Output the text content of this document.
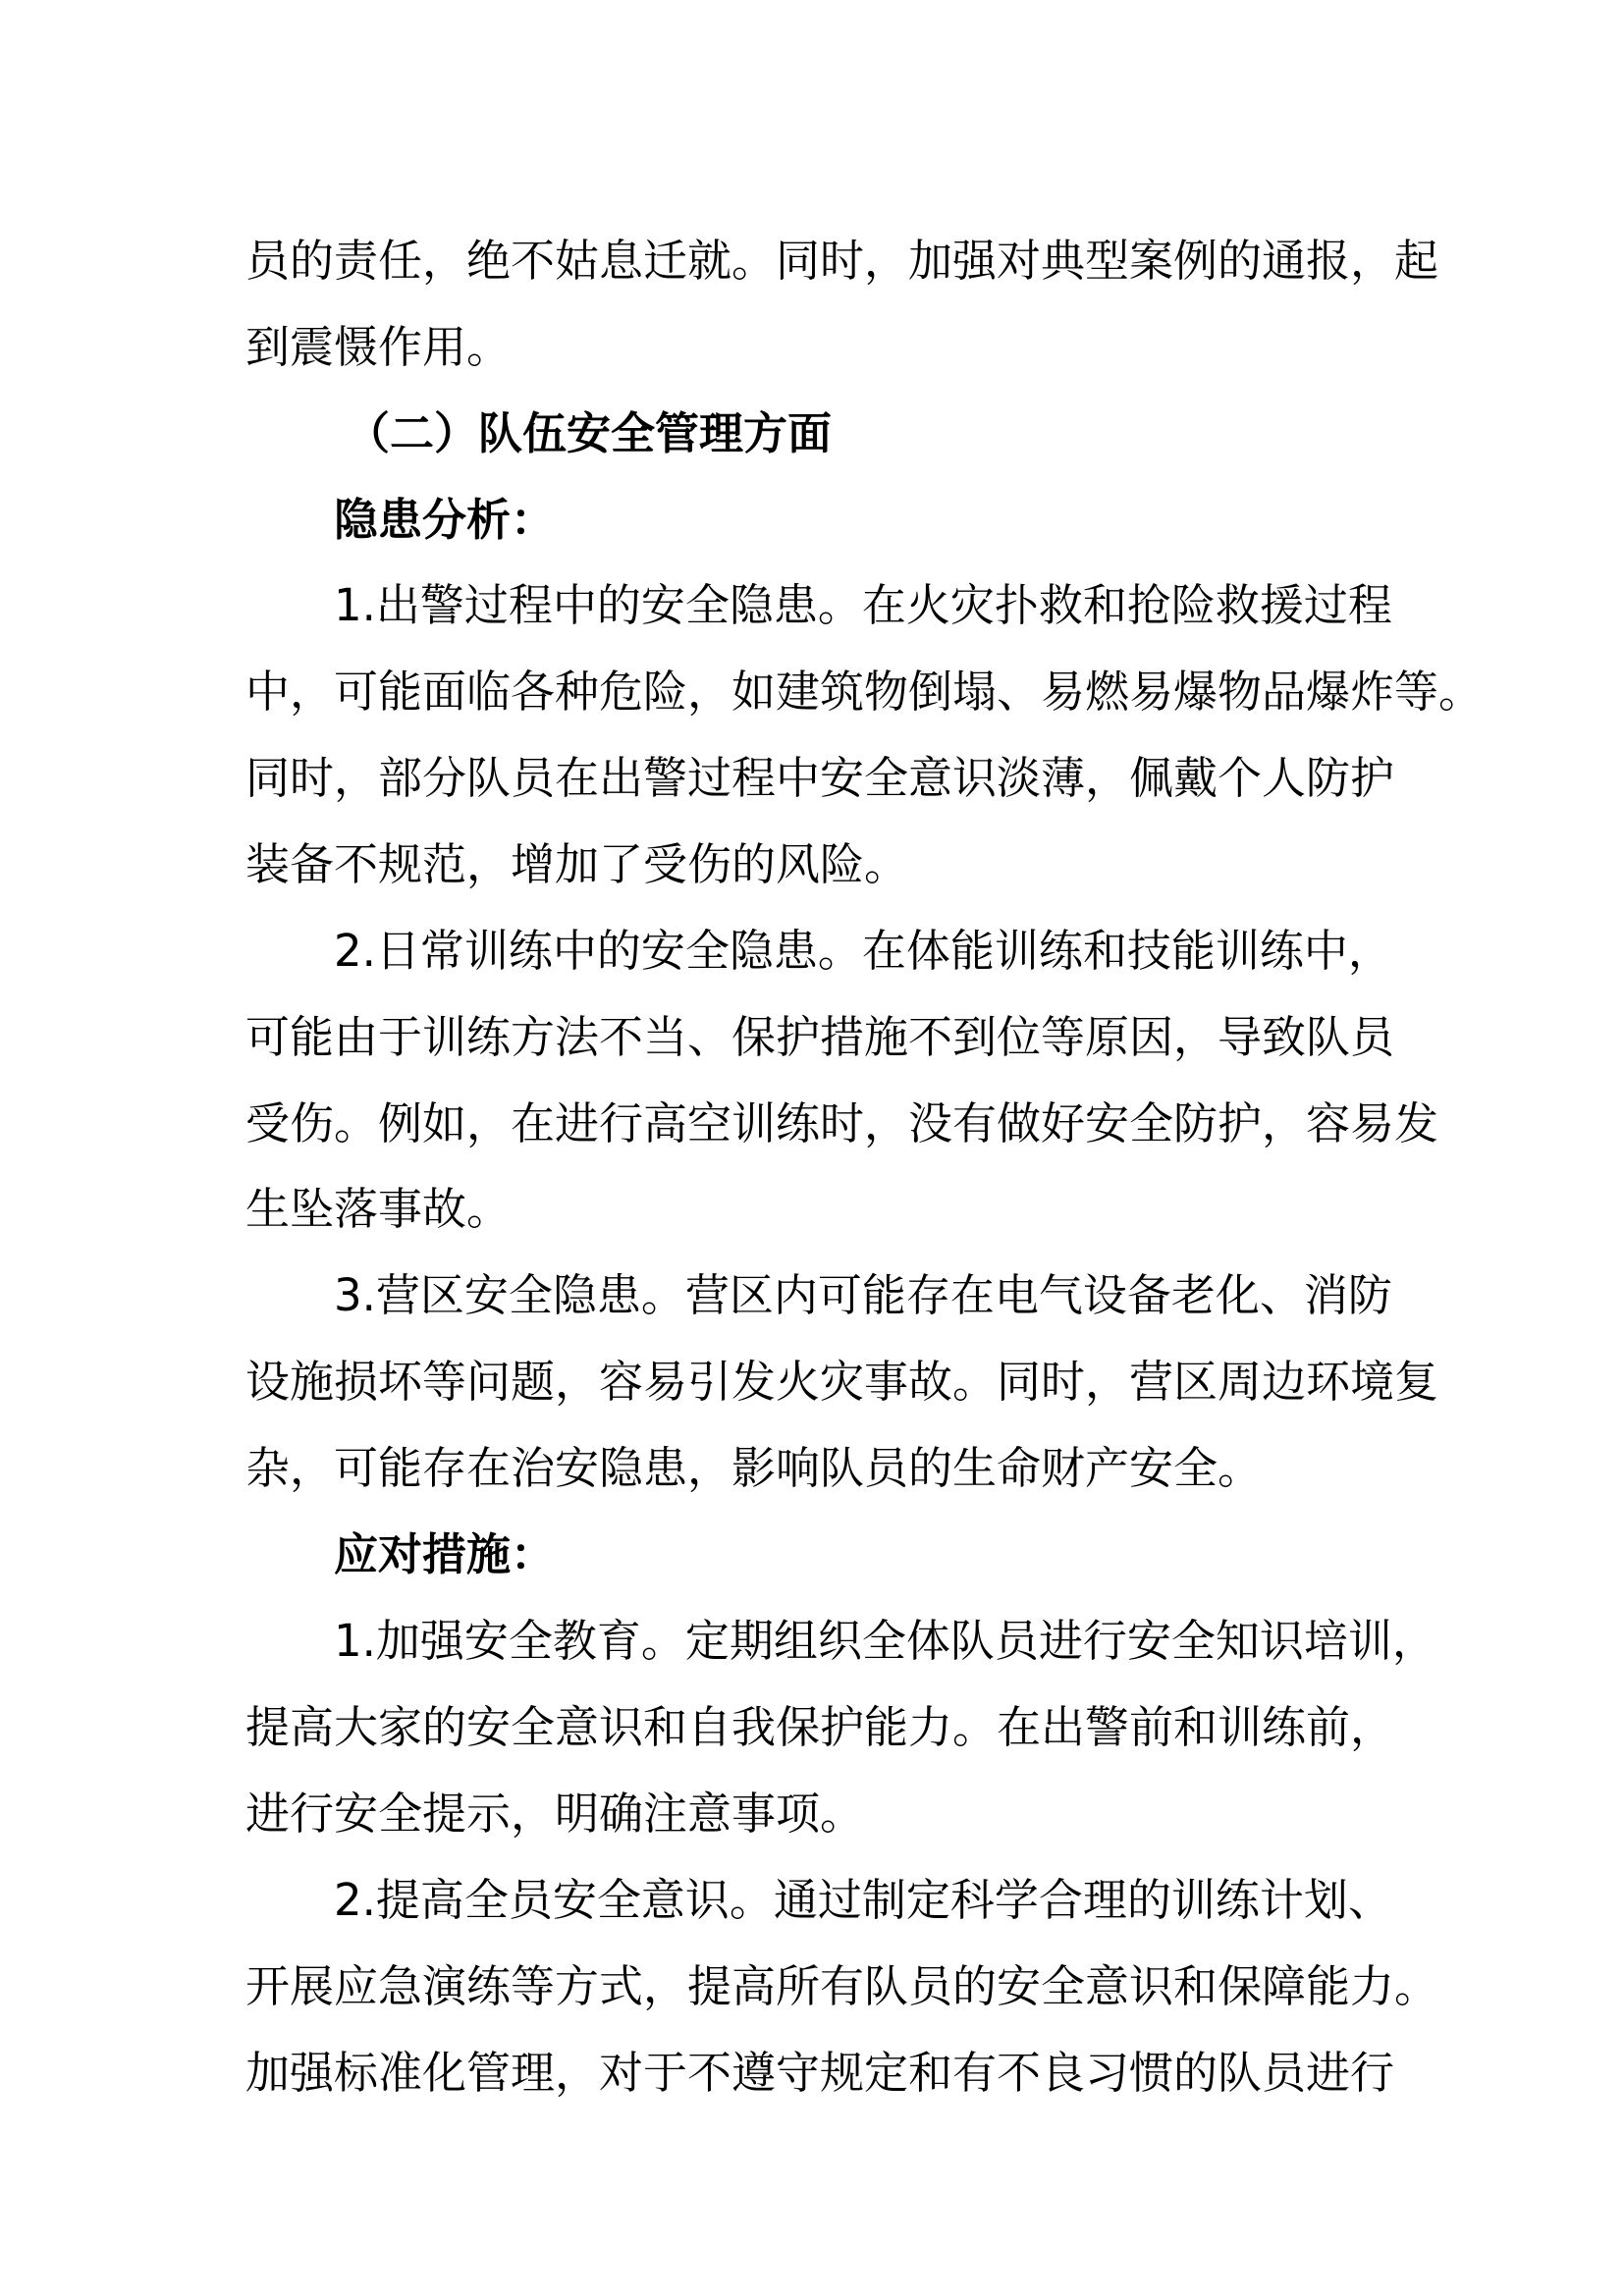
员的责任，绝不姑息迁就。同时，加强对典型案例的通报，起
到震慑作用。
（二）队伍安全管理方面
隐患分析：
1.出警过程中的安全隐患。在火灾扑救和抢险救援过程
中，可能面临各种危险，如建筑物倒塌、易燃易爆物品爆炸等。
同时，部分队员在出警过程中安全意识淡薄，佩戴个人防护
装备不规范，增加了受伤的风险。
2.日常训练中的安全隐患。在体能训练和技能训练中，
可能由于训练方法不当、保护措施不到位等原因，导致队员
受伤。例如，在进行高空训练时，没有做好安全防护，容易发
生坠落事故。
3.营区安全隐患。营区内可能存在电气设备老化、消防
设施损坏等问题，容易引发火灾事故。同时，营区周边环境复
杂，可能存在治安隐患，影响队员的生命财产安全。
应对措施：
1.加强安全教育。定期组织全体队员进行安全知识培训，
提高大家的安全意识和自我保护能力。在出警前和训练前，
进行安全提示，明确注意事项。
2.提高全员安全意识。通过制定科学合理的训练计划、
开展应急演练等方式，提高所有队员的安全意识和保障能力。
加强标准化管理，对于不遵守规定和有不良习惯的队员进行
